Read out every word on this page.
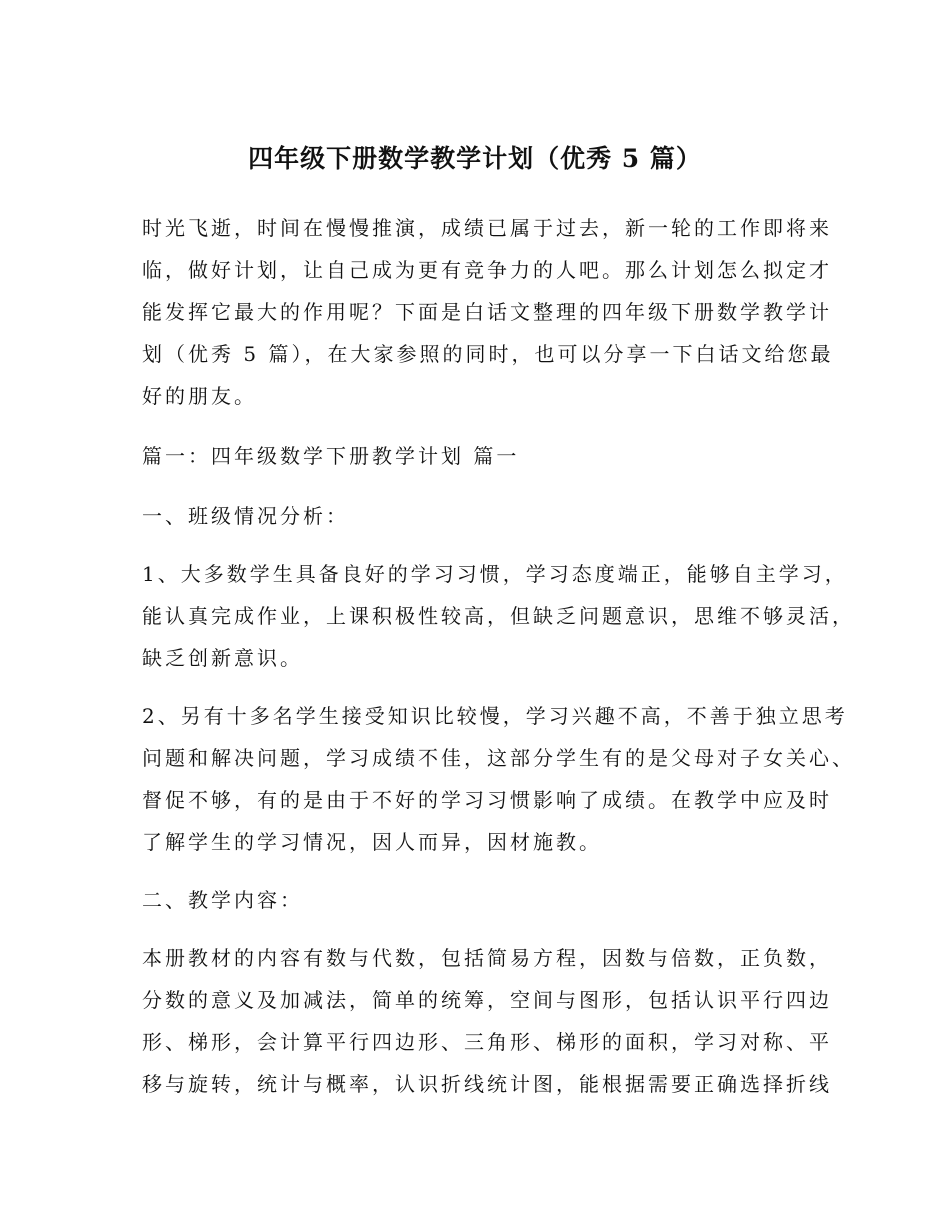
四年级下册数学教学计划（优秀 5 篇）
时光飞逝，时间在慢慢推演，成绩已属于过去，新一轮的工作即将来
临，做好计划，让自己成为更有竞争力的人吧。那么计划怎么拟定才
能发挥它最大的作用呢？下面是白话文整理的四年级下册数学教学计
划（优秀 5 篇），在大家参照的同时，也可以分享一下白话文给您最
好的朋友。
篇一：四年级数学下册教学计划 篇一
一、班级情况分析：
1、大多数学生具备良好的学习习惯，学习态度端正，能够自主学习，
能认真完成作业，上课积极性较高，但缺乏问题意识，思维不够灵活，
缺乏创新意识。
2、另有十多名学生接受知识比较慢，学习兴趣不高，不善于独立思考
问题和解决问题，学习成绩不佳，这部分学生有的是父母对子女关心、
督促不够，有的是由于不好的学习习惯影响了成绩。在教学中应及时
了解学生的学习情况，因人而异，因材施教。
二、教学内容：
本册教材的内容有数与代数，包括简易方程，因数与倍数，正负数，
分数的意义及加减法，简单的统筹，空间与图形，包括认识平行四边
形、梯形，会计算平行四边形、三角形、梯形的面积，学习对称、平
移与旋转，统计与概率，认识折线统计图，能根据需要正确选择折线
